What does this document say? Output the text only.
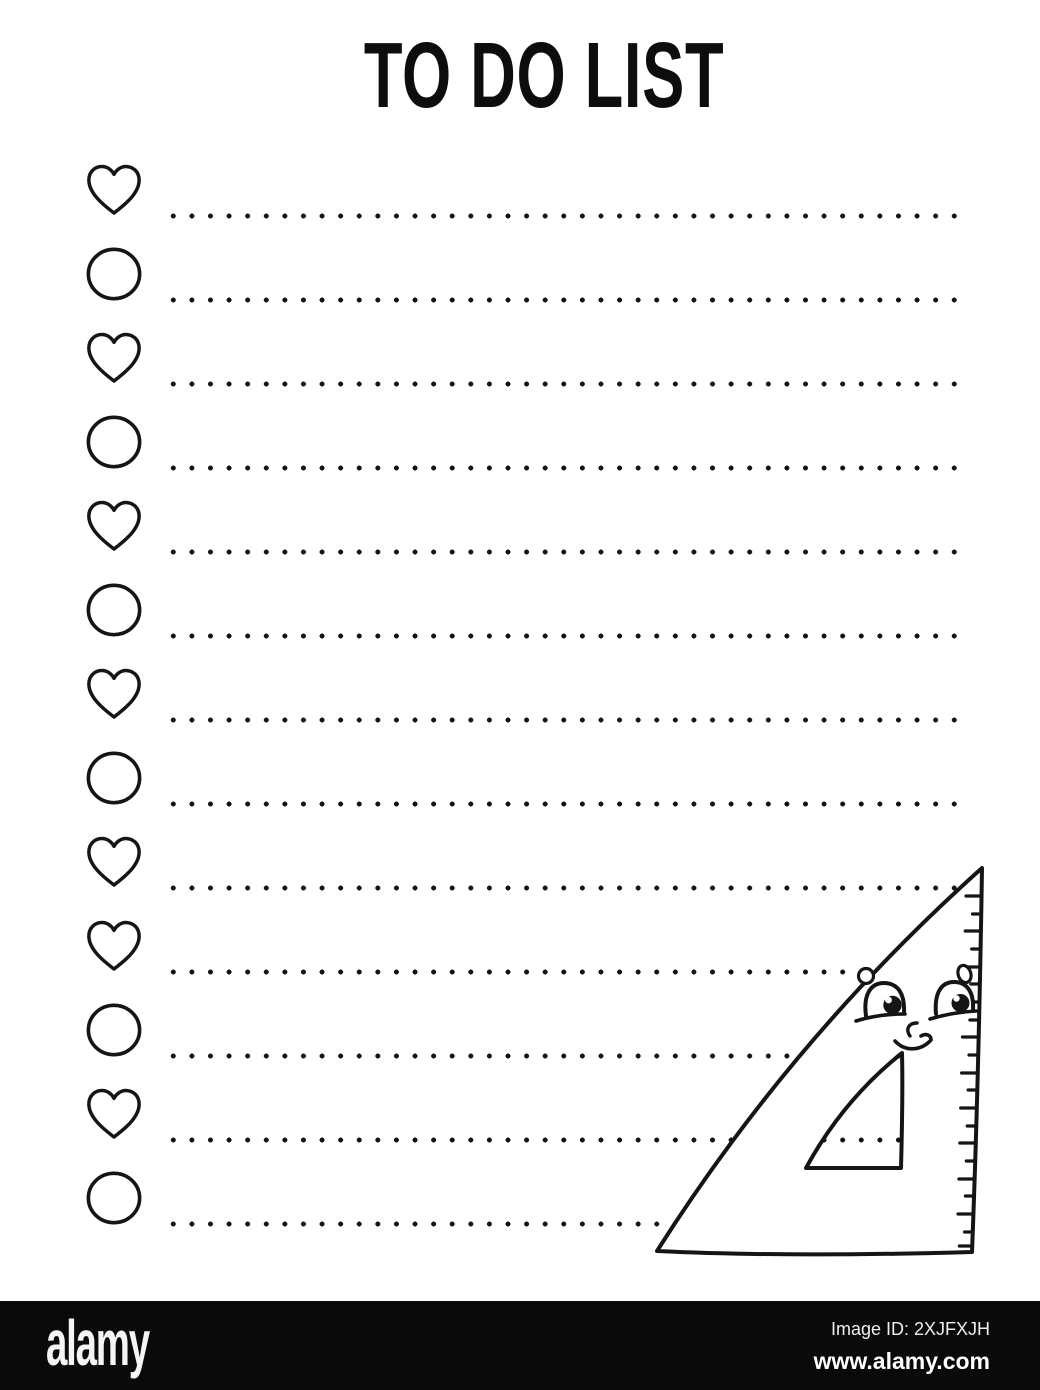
TO DO LIST
alamy	Image ID: 2XJFXJH
www.alamy.com
